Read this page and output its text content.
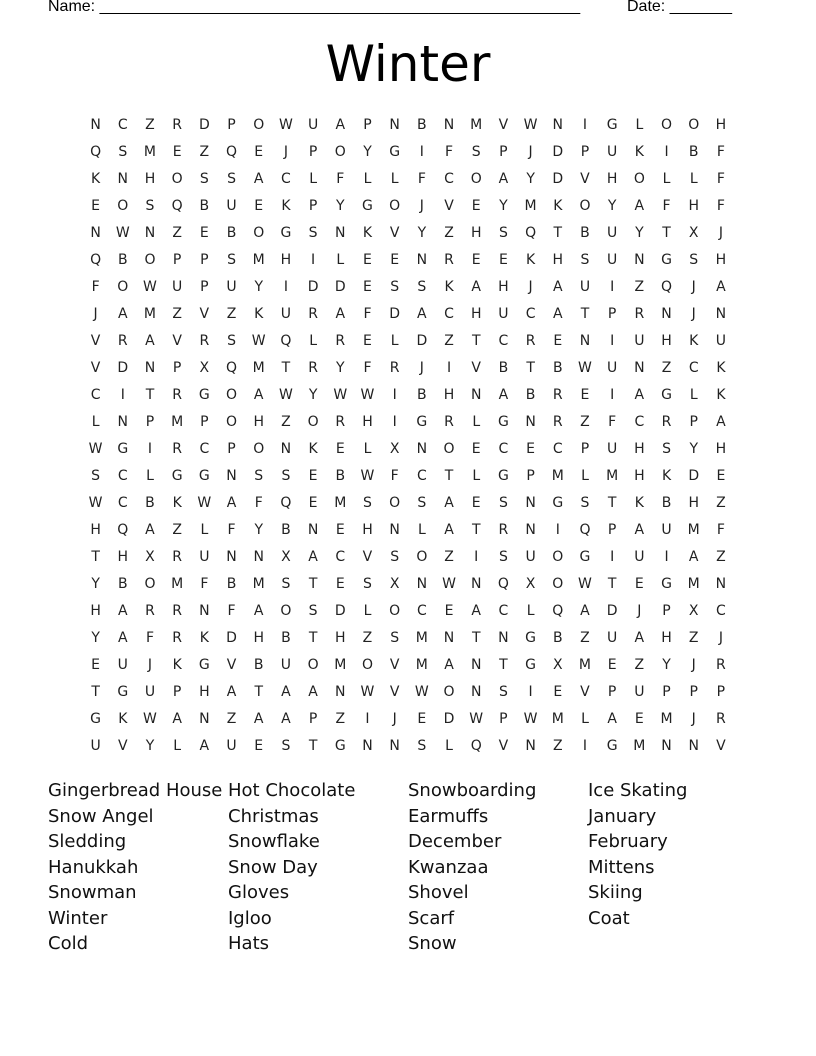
Name: ______________________________________________________

	Date: _______

Winter
N	C	Z	R	D	P	O	W	U	A	P	N	B	N	M	V	W	N	I	G	L	O	O	H
Q	S	M	E	Z	Q	E	J	P	O	Y	G	I	F	S	P	J	D	P	U	K	I	B	F
K	N	H	O	S	S	A	C	L	F	L	L	F	C	O	A	Y	D	V	H	O	L	L	F
E	O	S	Q	B	U	E	K	P	Y	G	O	J	V	E	Y	M	K	O	Y	A	F	H	F
N	W	N	Z	E	B	O	G	S	N	K	V	Y	Z	H	S	Q	T	B	U	Y	T	X	J
Q	B	O	P	P	S	M	H	I	L	E	E	N	R	E	E	K	H	S	U	N	G	S	H
F	O	W	U	P	U	Y	I	D	D	E	S	S	K	A	H	J	A	U	I	Z	Q	J	A
J	A	M	Z	V	Z	K	U	R	A	F	D	A	C	H	U	C	A	T	P	R	N	J	N
V	R	A	V	R	S	W	Q	L	R	E	L	D	Z	T	C	R	E	N	I	U	H	K	U
V	D	N	P	X	Q	M	T	R	Y	F	R	J	I	V	B	T	B	W	U	N	Z	C	K
C	I	T	R	G	O	A	W	Y	W W	I	B	H	N	A	B	R	E	I	A	G	L	K
L	N	P	M	P	O	H	Z	O	R	H	I	G	R	L	G	N	R	Z	F	C	R	P	A
W	G	I	R	C	P	O	N	K	E	L	X	N	O	E	C	E	C	P	U	H	S	Y	H
S	C	L	G	G	N	S	S	E	B	W	F	C	T	L	G	P	M	L	M	H	K	D	E
W	C	B	K	W	A	F	Q	E	M	S	O	S	A	E	S	N	G	S	T	K	B	H	Z
H	Q	A	Z	L	F	Y	B	N	E	H	N	L	A	T	R	N	I	Q	P	A	U	M	F
T	H	X	R	U	N	N	X	A	C	V	S	O	Z	I	S	U	O	G	I	U	I	A	Z
Y	B	O	M	F	B	M	S	T	E	S	X	N	W	N	Q	X	O	W	T	E	G	M	N
H	A	R	R	N	F	A	O	S	D	L	O	C	E	A	C	L	Q	A	D	J	P	X	C
Y	A	F	R	K	D	H	B	T	H	Z	S	M	N	T	N	G	B	Z	U	A	H	Z	J
E	U	J	K	G	V	B	U	O	M	O	V	M	A	N	T	G	X	M	E	Z	Y	J	R
T	G	U	P	H	A	T	A	A	N	W	V	W	O	N	S	I	E	V	P	U	P	P	P
G	K	W	A	N	Z	A	A	P	Z	I	J	E	D	W	P	W	M	L	A	E	M	J	R
U	V	Y	L	A	U	E	S	T	G	N	N	S	L	Q	V	N	Z	I	G	M	N	N	V
Gingerbread House
Snow Angel
Sledding
Hanukkah
Snowman
Winter
Cold
Hot Chocolate
Christmas
Snowflake
Snow Day
Gloves
Igloo
Hats
Snowboarding
Earmuffs
December
Kwanzaa
Shovel
Scarf
Snow
Ice Skating
January
February
Mittens
Skiing
Coat
